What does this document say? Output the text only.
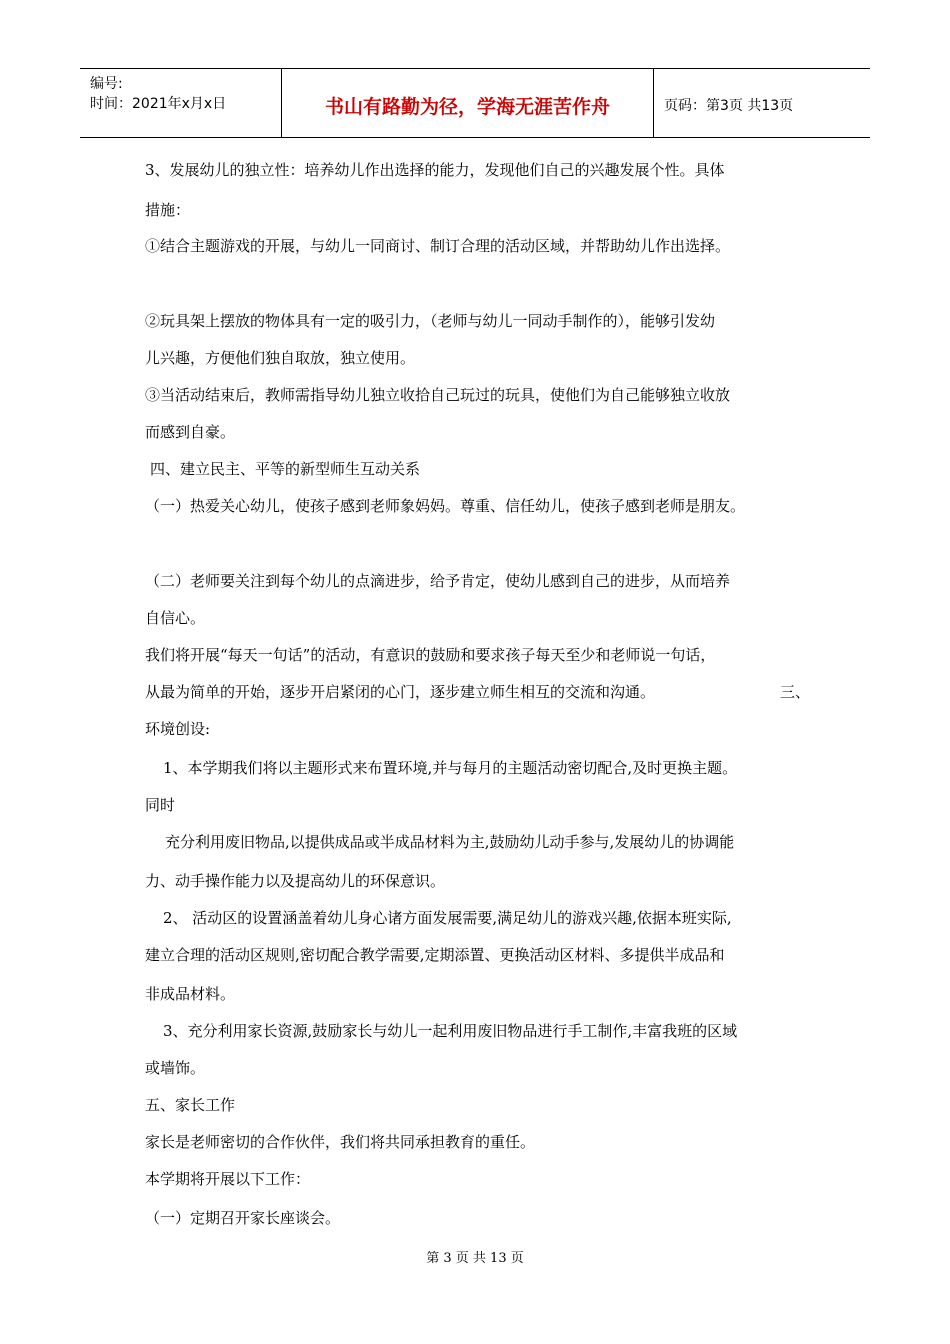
编号:
时间：2021年x月x日	书山有路勤为径，学海无涯苦作舟	页码：第3页 共13页
3、发展幼儿的独立性：培养幼儿作出选择的能力，发现他们自己的兴趣发展个性。具体
措施：
①结合主题游戏的开展，与幼儿一同商讨、制订合理的活动区域，并帮助幼儿作出选择。
②玩具架上摆放的物体具有一定的吸引力，（老师与幼儿一同动手制作的），能够引发幼
儿兴趣，方便他们独自取放，独立使用。
③当活动结束后，教师需指导幼儿独立收拾自己玩过的玩具，使他们为自己能够独立收放
而感到自豪。
四、建立民主、平等的新型师生互动关系
（一）热爱关心幼儿，使孩子感到老师象妈妈。尊重、信任幼儿，使孩子感到老师是朋友。
（二）老师要关注到每个幼儿的点滴进步，给予肯定，使幼儿感到自己的进步，从而培养
自信心。
我们将开展“每天一句话”的活动，有意识的鼓励和要求孩子每天至少和老师说一句话，
从最为简单的开始，逐步开启紧闭的心门，逐步建立师生相互的交流和沟通。	三、
环境创设:
1、本学期我们将以主题形式来布置环境,并与每月的主题活动密切配合,及时更换主题。
同时
充分利用废旧物品,以提供成品或半成品材料为主,鼓励幼儿动手参与,发展幼儿的协调能
力、动手操作能力以及提高幼儿的环保意识。
2、 活动区的设置涵盖着幼儿身心诸方面发展需要,满足幼儿的游戏兴趣,依据本班实际,
建立合理的活动区规则,密切配合教学需要,定期添置、更换活动区材料、多提供半成品和
非成品材料。
3、充分利用家长资源,鼓励家长与幼儿一起利用废旧物品进行手工制作,丰富我班的区域
或墙饰。
五、家长工作
家长是老师密切的合作伙伴，我们将共同承担教育的重任。
本学期将开展以下工作：
（一）定期召开家长座谈会。
第 3 页 共 13 页
